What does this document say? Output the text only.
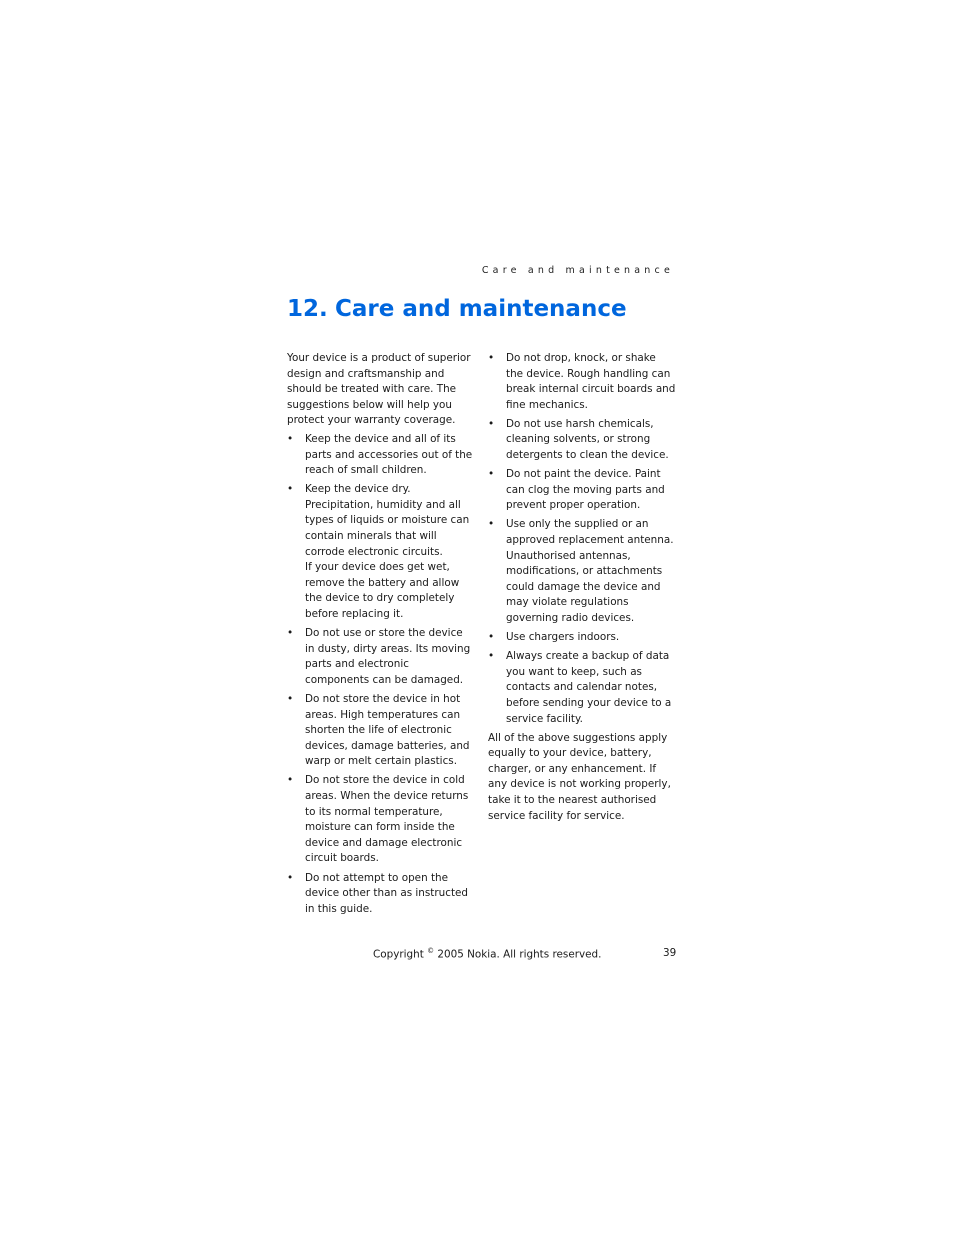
Care and maintenance
12. Care and maintenance

Your device is a product of superior design and craftsmanship and should be treated with care. The suggestions below will help you protect your warranty coverage.

• Keep the device and all of its parts and accessories out of the reach of small children.
• Keep the device dry. Precipitation, humidity and all types of liquids or moisture can contain minerals that will corrode electronic circuits.
If your device does get wet, remove the battery and allow the device to dry completely before replacing it.
• Do not use or store the device in dusty, dirty areas. Its moving parts and electronic components can be damaged.
• Do not store the device in hot areas. High temperatures can shorten the life of electronic devices, damage batteries, and warp or melt certain plastics.
• Do not store the device in cold areas. When the device returns to its normal temperature, moisture can form inside the device and damage electronic circuit boards.
• Do not attempt to open the device other than as instructed in this guide.
• Do not drop, knock, or shake the device. Rough handling can break internal circuit boards and fine mechanics.
• Do not use harsh chemicals, cleaning solvents, or strong detergents to clean the device.
• Do not paint the device. Paint can clog the moving parts and prevent proper operation.
• Use only the supplied or an approved replacement antenna. Unauthorised antennas, modifications, or attachments could damage the device and may violate regulations governing radio devices.
• Use chargers indoors.
• Always create a backup of data you want to keep, such as contacts and calendar notes, before sending your device to a service facility.

All of the above suggestions apply equally to your device, battery, charger, or any enhancement. If any device is not working properly, take it to the nearest authorised service facility for service.

Copyright © 2005 Nokia. All rights reserved.	39
